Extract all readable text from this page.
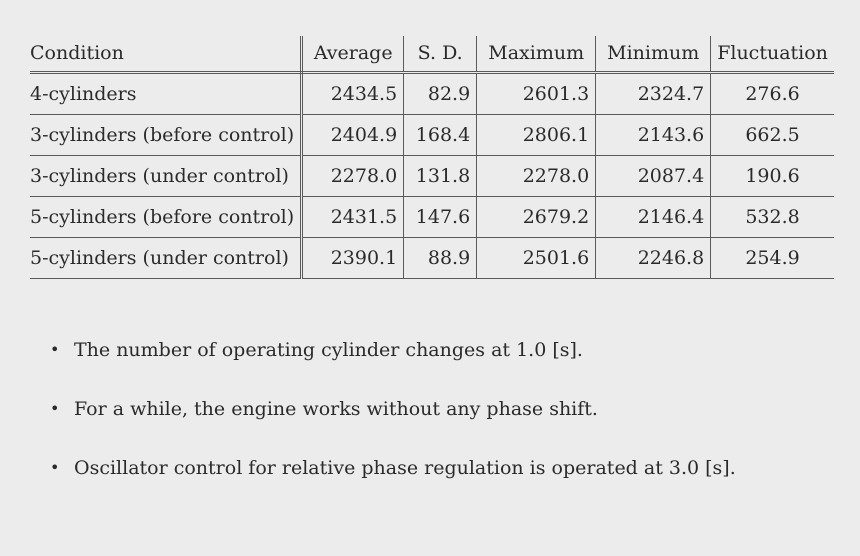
Condition	Average	S. D.	Maximum	Minimum	Fluctuation
4-cylinders	2434.5	82.9	2601.3	2324.7	276.6
3-cylinders (before control)	2404.9	168.4	2806.1	2143.6	662.5
3-cylinders (under control)	2278.0	131.8	2278.0	2087.4	190.6
5-cylinders (before control)	2431.5	147.6	2679.2	2146.4	532.8
5-cylinders (under control)	2390.1	88.9	2501.6	2246.8	254.9
• The number of operating cylinder changes at 1.0 [s].
• For a while, the engine works without any phase shift.
• Oscillator control for relative phase regulation is operated at 3.0 [s].
